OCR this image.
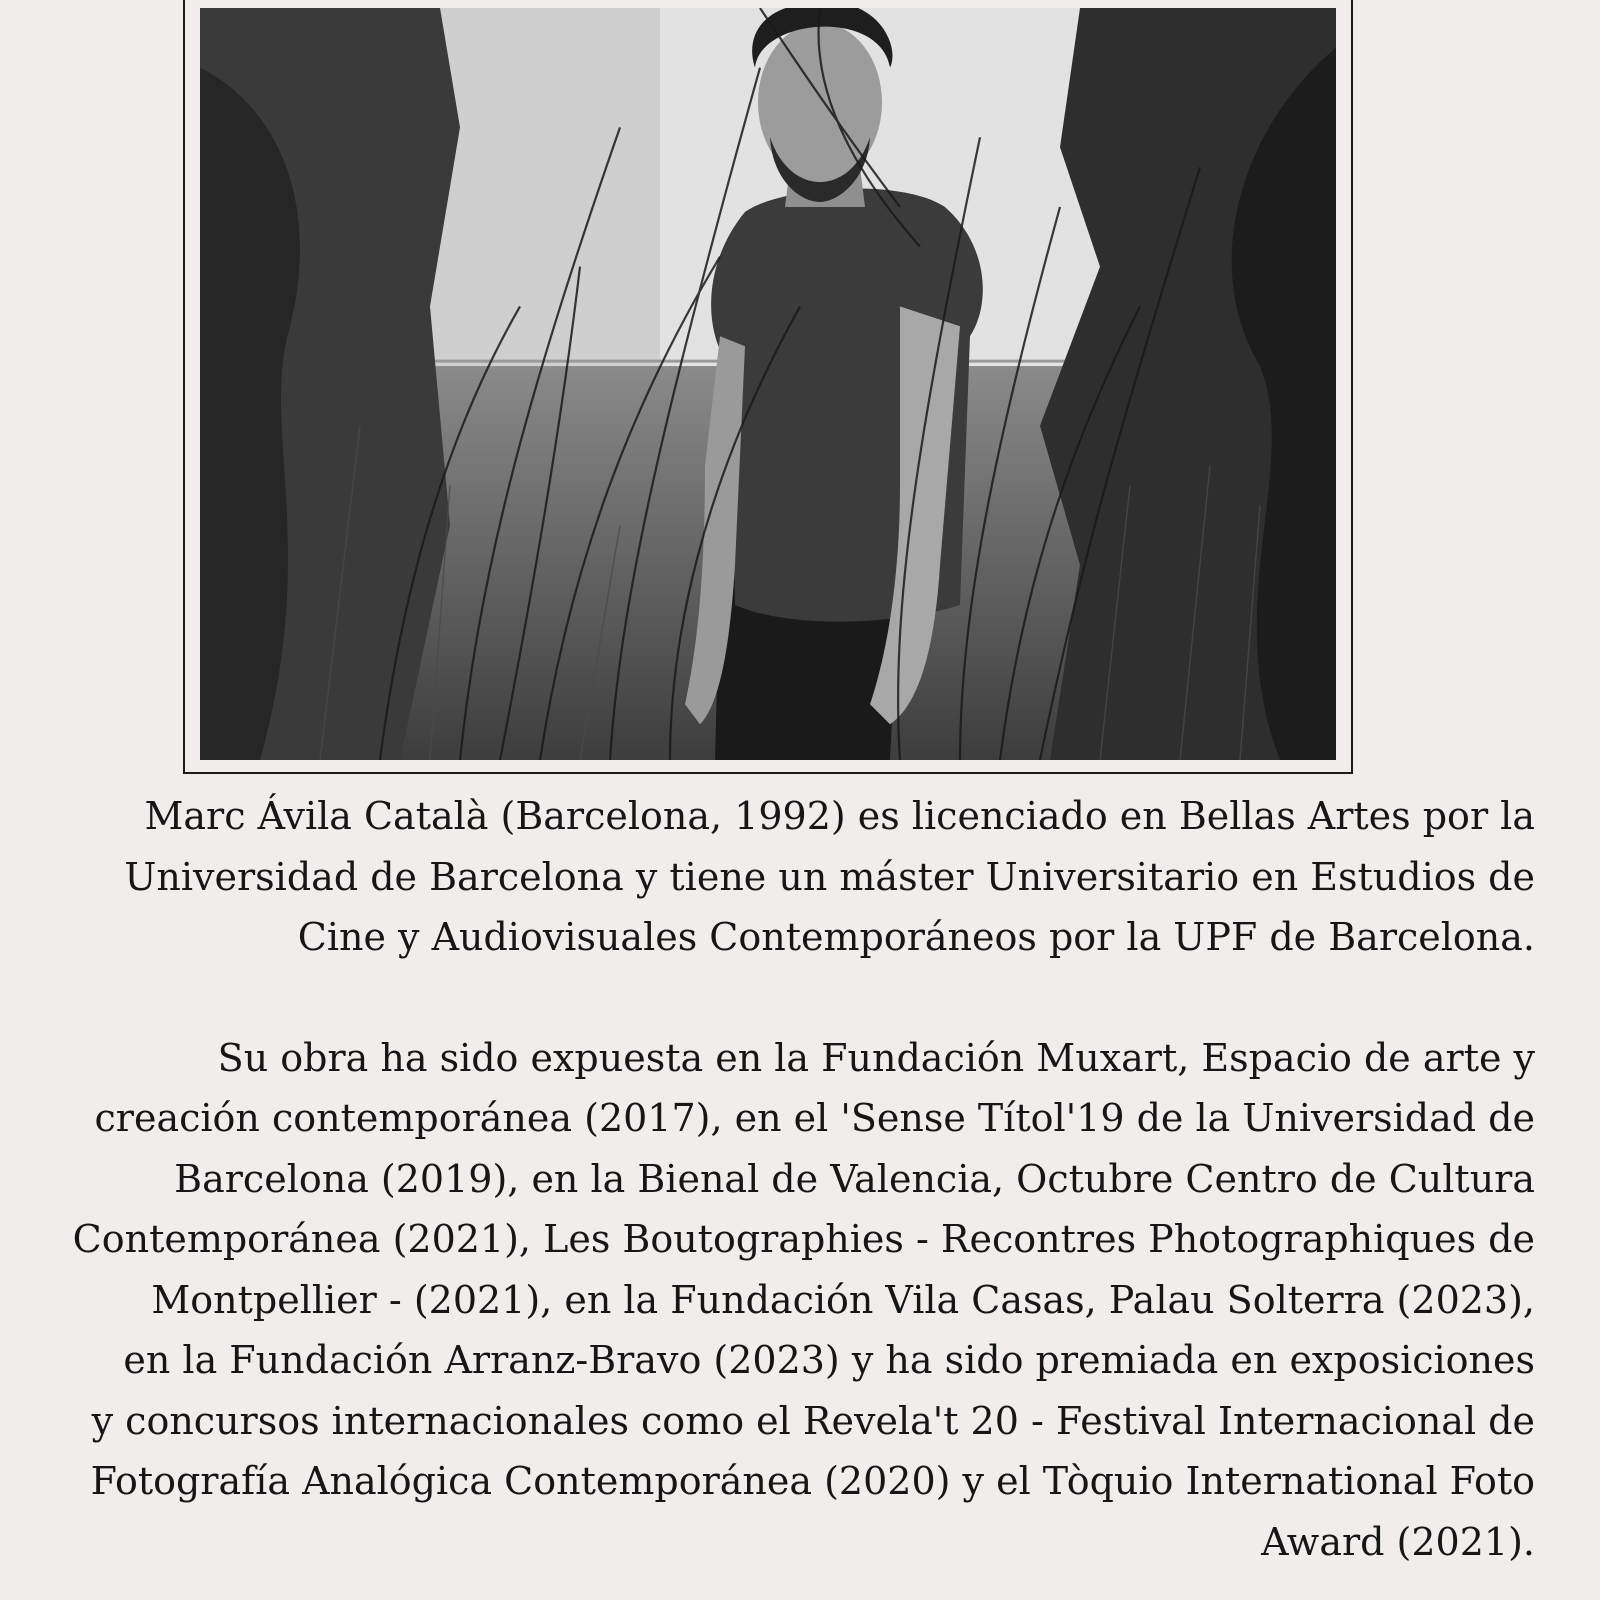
Marc Ávila Català (Barcelona, 1992) es licenciado en Bellas Artes por la
Universidad de Barcelona y tiene un máster Universitario en Estudios de
Cine y Audiovisuales Contemporáneos por la UPF de Barcelona.

Su obra ha sido expuesta en la Fundación Muxart, Espacio de arte y
creación contemporánea (2017), en el 'Sense Títol'19 de la Universidad de
Barcelona (2019), en la Bienal de Valencia, Octubre Centro de Cultura
Contemporánea (2021), Les Boutographies - Recontres Photographiques de
Montpellier - (2021), en la Fundación Vila Casas, Palau Solterra (2023),
en la Fundación Arranz-Bravo (2023) y ha sido premiada en exposiciones
y concursos internacionales como el Revela't 20 - Festival Internacional de
Fotografía Analógica Contemporánea (2020) y el Tòquio International Foto
Award (2021).
